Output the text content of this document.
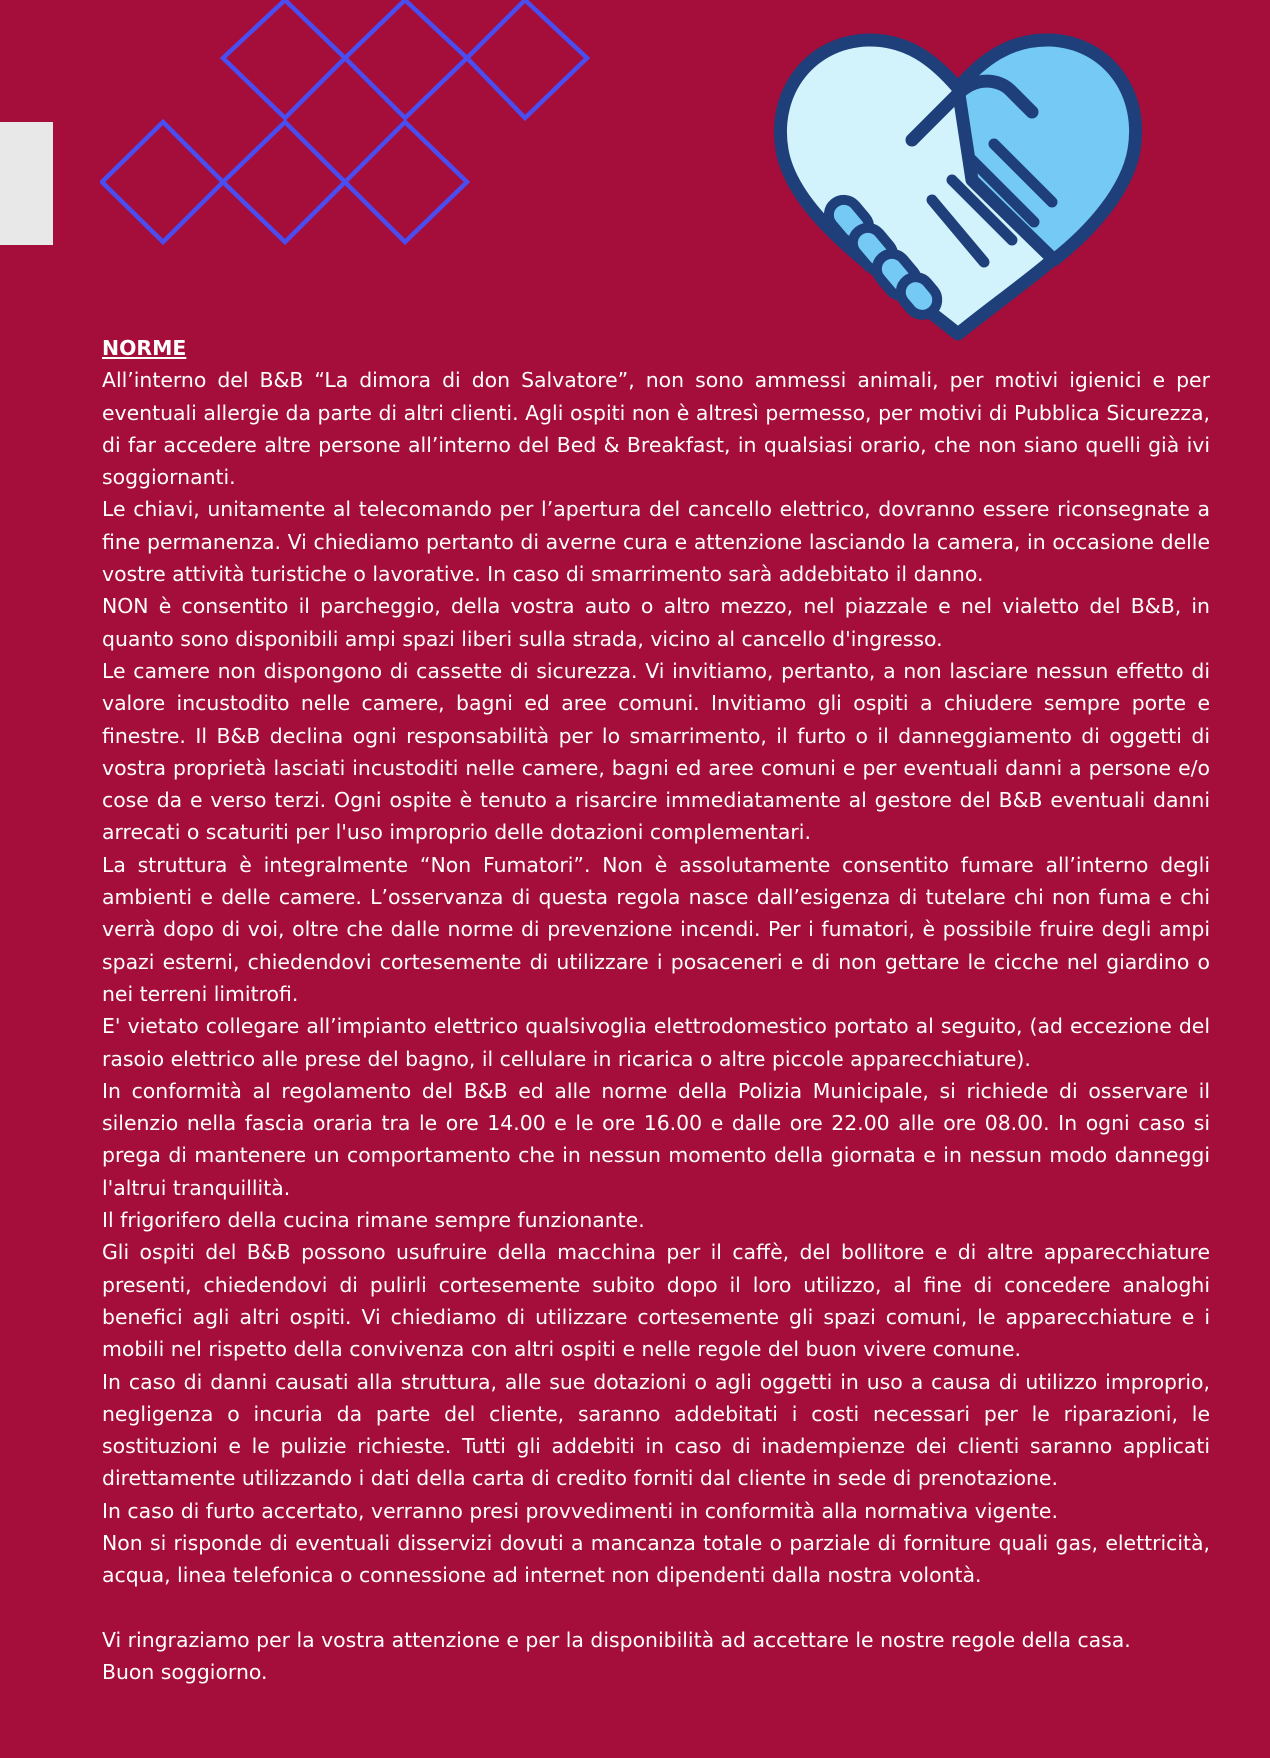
NORME

All’interno del B&B “La dimora di don Salvatore”, non sono ammessi animali, per motivi igienici e per eventuali allergie da parte di altri clienti. Agli ospiti non è altresì permesso, per motivi di Pubblica Sicurezza, di far accedere altre persone all’interno del Bed & Breakfast, in qualsiasi orario, che non siano quelli già ivi soggiornanti.

Le chiavi, unitamente al telecomando per l’apertura del cancello elettrico, dovranno essere riconsegnate a fine permanenza. Vi chiediamo pertanto di averne cura e attenzione lasciando la camera, in occasione delle vostre attività turistiche o lavorative. In caso di smarrimento sarà addebitato il danno.

NON è consentito il parcheggio, della vostra auto o altro mezzo, nel piazzale e nel vialetto del B&B, in quanto sono disponibili ampi spazi liberi sulla strada, vicino al cancello d'ingresso.

Le camere non dispongono di cassette di sicurezza. Vi invitiamo, pertanto, a non lasciare nessun effetto di valore incustodito nelle camere, bagni ed aree comuni. Invitiamo gli ospiti a chiudere sempre porte e finestre. Il B&B declina ogni responsabilità per lo smarrimento, il furto o il danneggiamento di oggetti di vostra proprietà lasciati incustoditi nelle camere, bagni ed aree comuni e per eventuali danni a persone e/o cose da e verso terzi. Ogni ospite è tenuto a risarcire immediatamente al gestore del B&B eventuali danni arrecati o scaturiti per l'uso improprio delle dotazioni complementari.

La struttura è integralmente “Non Fumatori”. Non è assolutamente consentito fumare all’interno degli ambienti e delle camere. L’osservanza di questa regola nasce dall’esigenza di tutelare chi non fuma e chi verrà dopo di voi, oltre che dalle norme di prevenzione incendi. Per i fumatori, è possibile fruire degli ampi spazi esterni, chiedendovi cortesemente di utilizzare i posaceneri e di non gettare le cicche nel giardino o nei terreni limitrofi.

E' vietato collegare all’impianto elettrico qualsivoglia elettrodomestico portato al seguito, (ad eccezione del rasoio elettrico alle prese del bagno, il cellulare in ricarica o altre piccole apparecchiature).

In conformità al regolamento del B&B ed alle norme della Polizia Municipale, si richiede di osservare il silenzio nella fascia oraria tra le ore 14.00 e le ore 16.00 e dalle ore 22.00 alle ore 08.00. In ogni caso si prega di mantenere un comportamento che in nessun momento della giornata e in nessun modo danneggi l'altrui tranquillità.

Il frigorifero della cucina rimane sempre funzionante.

Gli ospiti del B&B possono usufruire della macchina per il caffè, del bollitore e di altre apparecchiature presenti, chiedendovi di pulirli cortesemente subito dopo il loro utilizzo, al fine di concedere analoghi benefici agli altri ospiti. Vi chiediamo di utilizzare cortesemente gli spazi comuni, le apparecchiature e i mobili nel rispetto della convivenza con altri ospiti e nelle regole del buon vivere comune.

In caso di danni causati alla struttura, alle sue dotazioni o agli oggetti in uso a causa di utilizzo improprio, negligenza o incuria da parte del cliente, saranno addebitati i costi necessari per le riparazioni, le sostituzioni e le pulizie richieste. Tutti gli addebiti in caso di inadempienze dei clienti saranno applicati direttamente utilizzando i dati della carta di credito forniti dal cliente in sede di prenotazione.

In caso di furto accertato, verranno presi provvedimenti in conformità alla normativa vigente.

Non si risponde di eventuali disservizi dovuti a mancanza totale o parziale di forniture quali gas, elettricità, acqua, linea telefonica o connessione ad internet non dipendenti dalla nostra volontà.

Vi ringraziamo per la vostra attenzione e per la disponibilità ad accettare le nostre regole della casa.

Buon soggiorno.
